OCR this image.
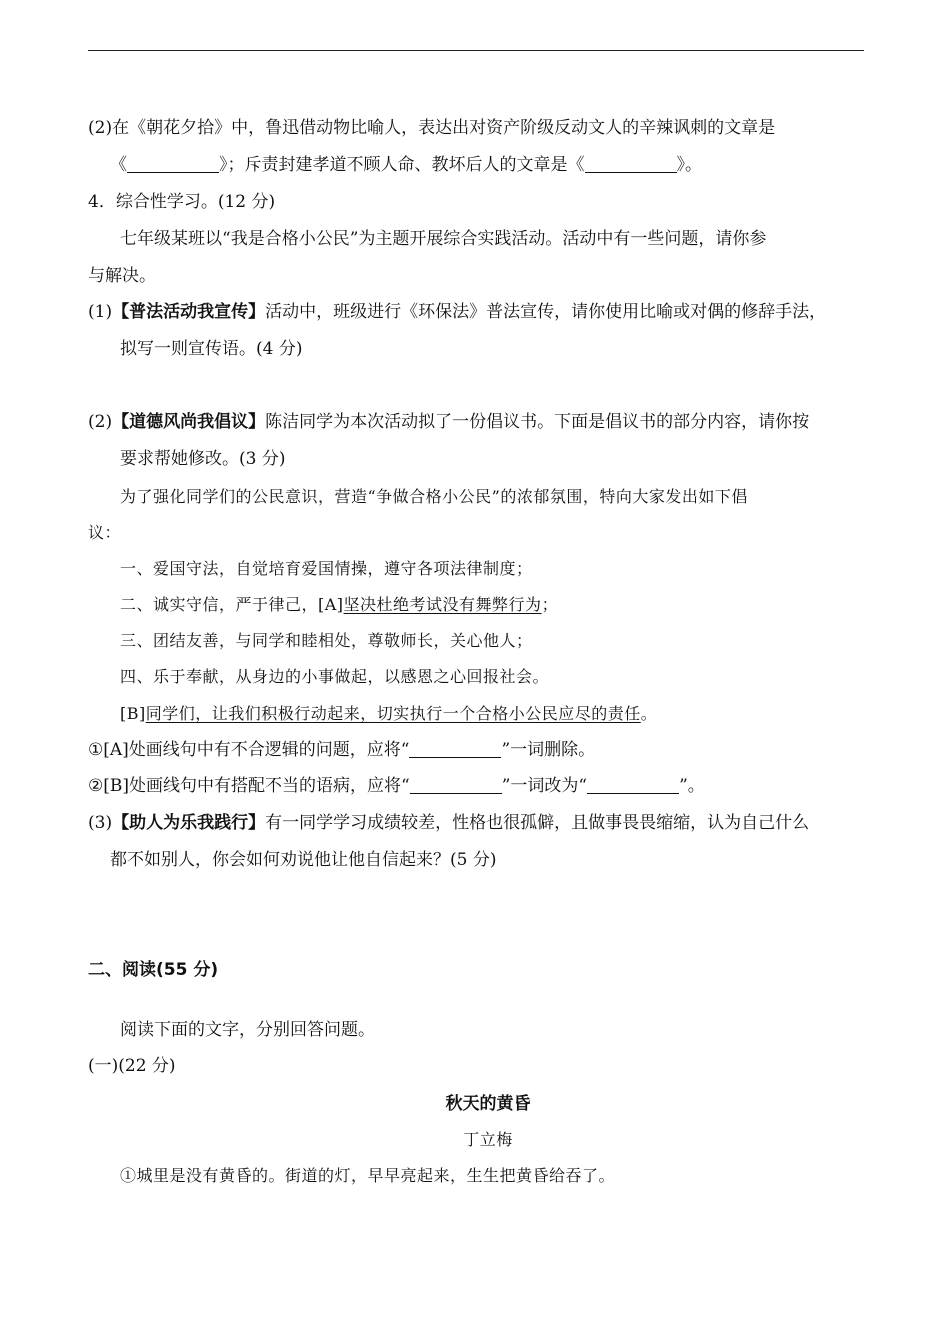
(2)在《朝花夕拾》中，鲁迅借动物比喻人，表达出对资产阶级反动文人的辛辣讽刺的文章是
《	》；斥责封建孝道不顾人命、教坏后人的文章是《	》。
4．综合性学习。(12 分)
七年级某班以“我是合格小公民”为主题开展综合实践活动。活动中有一些问题，请你参
与解决。
(1)【普法活动我宣传】活动中，班级进行《环保法》普法宣传，请你使用比喻或对偶的修辞手法，
拟写一则宣传语。(4 分)
(2)【道德风尚我倡议】陈洁同学为本次活动拟了一份倡议书。下面是倡议书的部分内容，请你按
要求帮她修改。(3 分)
为了强化同学们的公民意识，营造“争做合格小公民”的浓郁氛围，特向大家发出如下倡
议：
一、爱国守法，自觉培育爱国情操，遵守各项法律制度；
二、诚实守信，严于律己，[A]坚决杜绝考试没有舞弊行为；
三、团结友善，与同学和睦相处，尊敬师长，关心他人；
四、乐于奉献，从身边的小事做起，以感恩之心回报社会。
[B]同学们，让我们积极行动起来，切实执行一个合格小公民应尽的责任。
①[A]处画线句中有不合逻辑的问题，应将“	”一词删除。
②[B]处画线句中有搭配不当的语病，应将“	”一词改为“	”。
(3)【助人为乐我践行】有一同学学习成绩较差，性格也很孤僻，且做事畏畏缩缩，认为自己什么
都不如别人，你会如何劝说他让他自信起来？(5 分)
二、阅读(55 分)
阅读下面的文字，分别回答问题。
(一)(22 分)
秋天的黄昏
丁立梅
①城里是没有黄昏的。街道的灯，早早亮起来，生生把黄昏给吞了。
